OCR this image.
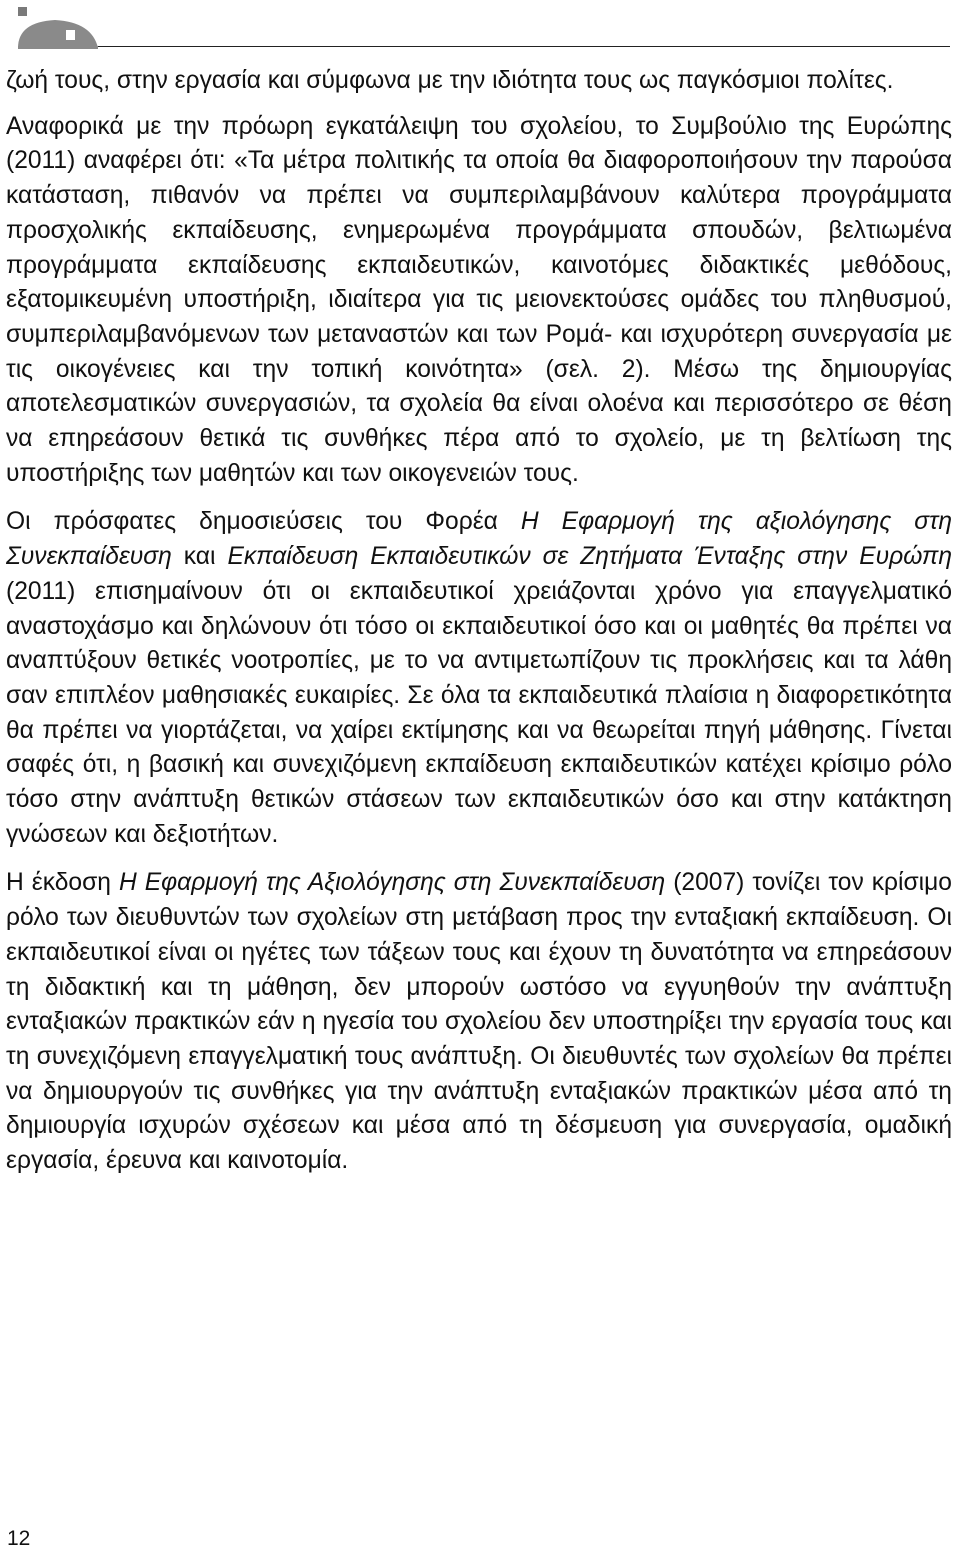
ζωή τους, στην εργασία και σύμφωνα με την ιδιότητα τους ως παγκόσμιοι πολίτες.

Αναφορικά με την πρόωρη εγκατάλειψη του σχολείου, το Συμβούλιο της Ευρώπης (2011) αναφέρει ότι: «Τα μέτρα πολιτικής τα οποία θα διαφοροποιήσουν την παρούσα κατάσταση, πιθανόν να πρέπει να συμπεριλαμβάνουν καλύτερα προγράμματα προσχολικής εκπαίδευσης, ενημερωμένα προγράμματα σπουδών, βελτιωμένα προγράμματα εκπαίδευσης εκπαιδευτικών, καινοτόμες διδακτικές μεθόδους, εξατομικευμένη υποστήριξη, ιδιαίτερα για τις μειονεκτούσες ομάδες του πληθυσμού, συμπεριλαμβανόμενων των μεταναστών και των Ρομά- και ισχυρότερη συνεργασία με τις οικογένειες και την τοπική κοινότητα» (σελ. 2). Μέσω της δημιουργίας αποτελεσματικών συνεργασιών, τα σχολεία θα είναι ολοένα και περισσότερο σε θέση να επηρεάσουν θετικά τις συνθήκες πέρα από το σχολείο, με τη βελτίωση της υποστήριξης των μαθητών και των οικογενειών τους.

Οι πρόσφατες δημοσιεύσεις του Φορέα Η Εφαρμογή της αξιολόγησης στη Συνεκπαίδευση και Εκπαίδευση Εκπαιδευτικών σε Ζητήματα Ένταξης στην Ευρώπη (2011) επισημαίνουν ότι οι εκπαιδευτικοί χρειάζονται χρόνο για επαγγελματικό αναστοχάσμο και δηλώνουν ότι τόσο οι εκπαιδευτικοί όσο και οι μαθητές θα πρέπει να αναπτύξουν θετικές νοοτροπίες, με το να αντιμετωπίζουν τις προκλήσεις και τα λάθη σαν επιπλέον μαθησιακές ευκαιρίες. Σε όλα τα εκπαιδευτικά πλαίσια η διαφορετικότητα θα πρέπει να γιορτάζεται, να χαίρει εκτίμησης και να θεωρείται πηγή μάθησης. Γίνεται σαφές ότι, η βασική και συνεχιζόμενη εκπαίδευση εκπαιδευτικών κατέχει κρίσιμο ρόλο τόσο στην ανάπτυξη θετικών στάσεων των εκπαιδευτικών όσο και στην κατάκτηση γνώσεων και δεξιοτήτων.

Η έκδοση Η Εφαρμογή της Αξιολόγησης στη Συνεκπαίδευση (2007) τονίζει τον κρίσιμο ρόλο των διευθυντών των σχολείων στη μετάβαση προς την ενταξιακή εκπαίδευση. Οι εκπαιδευτικοί είναι οι ηγέτες των τάξεων τους και έχουν τη δυνατότητα να επηρεάσουν τη διδακτική και τη μάθηση, δεν μπορούν ωστόσο να εγγυηθούν την ανάπτυξη ενταξιακών πρακτικών εάν η ηγεσία του σχολείου δεν υποστηρίξει την εργασία τους και τη συνεχιζόμενη επαγγελματική τους ανάπτυξη. Οι διευθυντές των σχολείων θα πρέπει να δημιουργούν τις συνθήκες για την ανάπτυξη ενταξιακών πρακτικών μέσα από τη δημιουργία ισχυρών σχέσεων και μέσα από τη δέσμευση για συνεργασία, ομαδική εργασία, έρευνα και καινοτομία.

12
